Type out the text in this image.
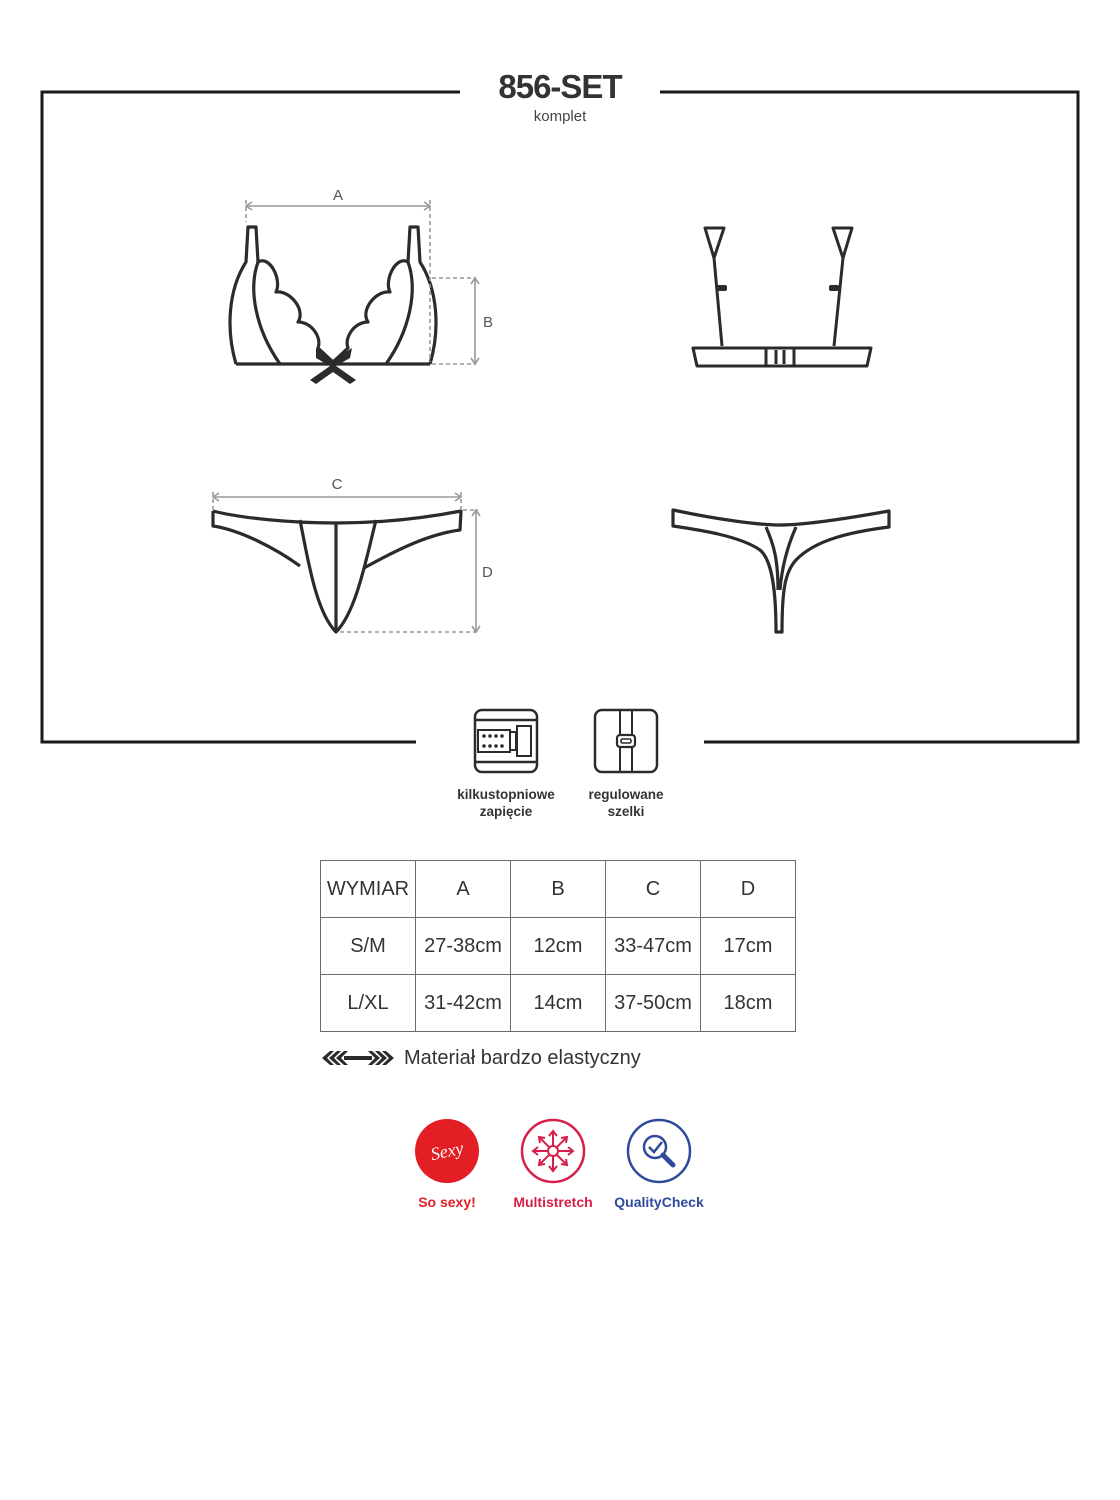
A
B
C
D
856-SET
komplet
kilkustopniowe
zapięcie
regulowane
szelki
WYMIAR	A	B	C	D
S/M	27-38cm	12cm	33-47cm	17cm
L/XL	31-42cm	14cm	37-50cm	18cm
Materiał bardzo elastyczny
Sexy
So sexy!	Multistretch	QualityCheck
